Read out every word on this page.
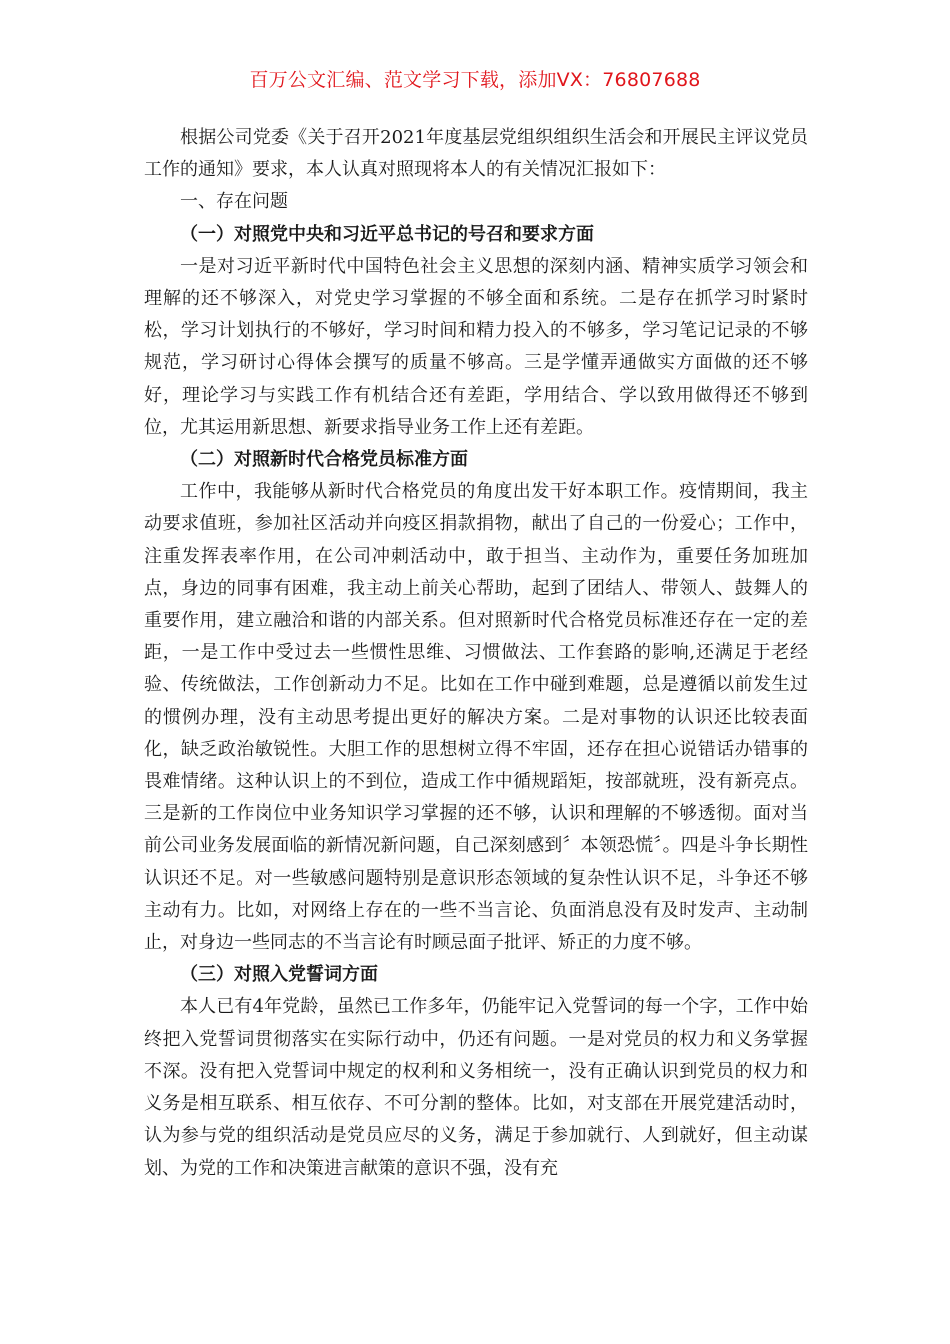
百万公文汇编、范文学习下载，添加VX：76807688

根据公司党委《关于召开2021年度基层党组织组织生活会和开展民主评议党员工作的通知》要求，本人认真对照现将本人的有关情况汇报如下：

一、存在问题

（一）对照党中央和习近平总书记的号召和要求方面

一是对习近平新时代中国特色社会主义思想的深刻内涵、精神实质学习领会和理解的还不够深入，对党史学习掌握的不够全面和系统。二是存在抓学习时紧时松，学习计划执行的不够好，学习时间和精力投入的不够多，学习笔记记录的不够规范，学习研讨心得体会撰写的质量不够高。三是学懂弄通做实方面做的还不够好，理论学习与实践工作有机结合还有差距，学用结合、学以致用做得还不够到位，尤其运用新思想、新要求指导业务工作上还有差距。

（二）对照新时代合格党员标准方面

工作中，我能够从新时代合格党员的角度出发干好本职工作。疫情期间，我主动要求值班，参加社区活动并向疫区捐款捐物，献出了自己的一份爱心；工作中，注重发挥表率作用，在公司冲刺活动中，敢于担当、主动作为，重要任务加班加点，身边的同事有困难，我主动上前关心帮助，起到了团结人、带领人、鼓舞人的重要作用，建立融洽和谐的内部关系。但对照新时代合格党员标准还存在一定的差距，一是工作中受过去一些惯性思维、习惯做法、工作套路的影响,还满足于老经验、传统做法，工作创新动力不足。比如在工作中碰到难题，总是遵循以前发生过的惯例办理，没有主动思考提出更好的解决方案。二是对事物的认识还比较表面化，缺乏政治敏锐性。大胆工作的思想树立得不牢固，还存在担心说错话办错事的畏难情绪。这种认识上的不到位，造成工作中循规蹈矩，按部就班，没有新亮点。三是新的工作岗位中业务知识学习掌握的还不够，认识和理解的不够透彻。面对当前公司业务发展面临的新情况新问题，自己深刻感到〞本领恐慌〞。四是斗争长期性认识还不足。对一些敏感问题特别是意识形态领域的复杂性认识不足，斗争还不够主动有力。比如，对网络上存在的一些不当言论、负面消息没有及时发声、主动制止，对身边一些同志的不当言论有时顾忌面子批评、矫正的力度不够。

（三）对照入党誓词方面

本人已有4年党龄，虽然已工作多年，仍能牢记入党誓词的每一个字，工作中始终把入党誓词贯彻落实在实际行动中，仍还有问题。一是对党员的权力和义务掌握不深。没有把入党誓词中规定的权利和义务相统一，没有正确认识到党员的权力和义务是相互联系、相互依存、不可分割的整体。比如，对支部在开展党建活动时，认为参与党的组织活动是党员应尽的义务，满足于参加就行、人到就好，但主动谋划、为党的工作和决策进言献策的意识不强，没有充
